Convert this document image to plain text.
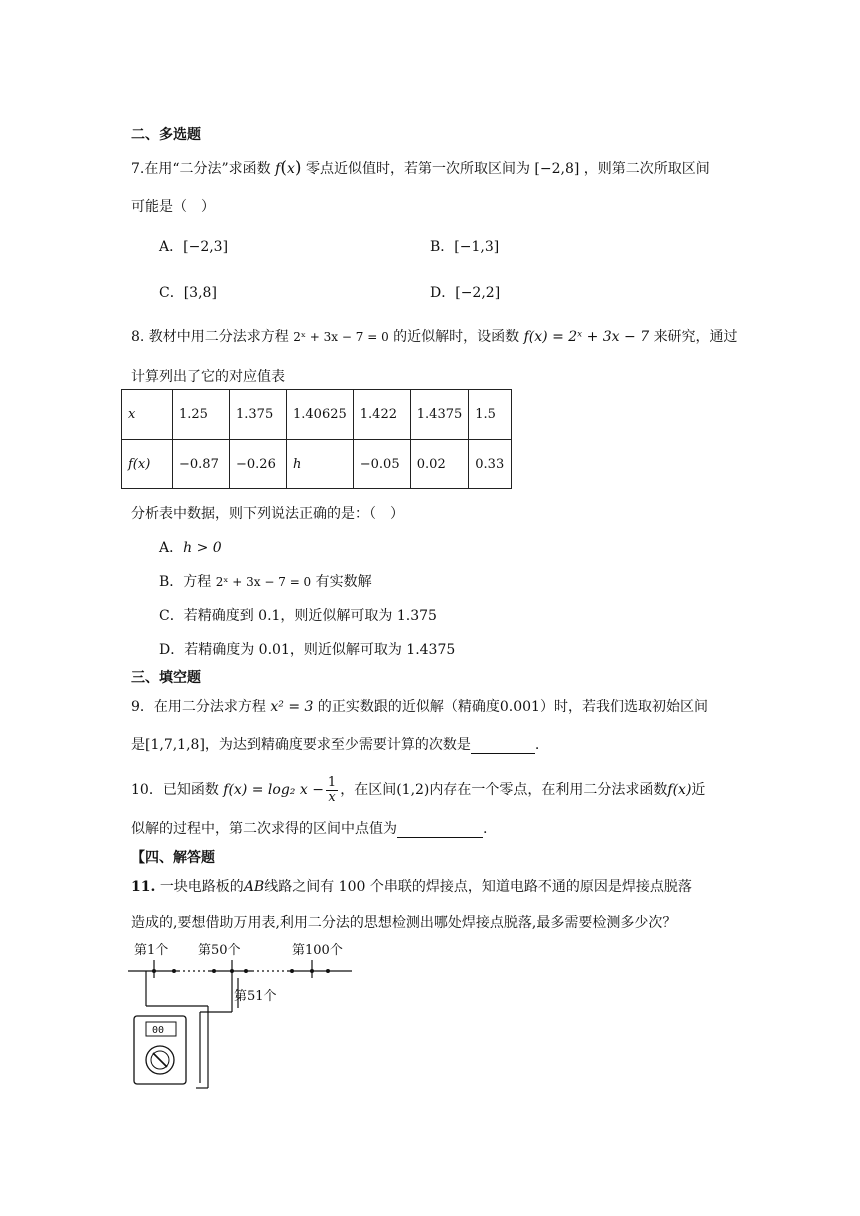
二、多选题
7.在用“二分法”求函数 f(x) 零点近似值时，若第一次所取区间为 [−2,8] ，则第二次所取区间
可能是（　）
A．[−2,3]	B．[−1,3]
C．[3,8]	D．[−2,2]
8. 教材中用二分法求方程 2ˣ + 3x − 7 = 0 的近似解时，设函数 f(x) = 2ˣ + 3x − 7 来研究，通过
计算列出了它的对应值表
x	1.25	1.375	1.40625	1.422	1.4375	1.5
f(x)	−0.87	−0.26	h	−0.05	0.02	0.33
分析表中数据，则下列说法正确的是：（　）
A．h > 0
B．方程 2ˣ + 3x − 7 = 0 有实数解
C．若精确度到 0.1，则近似解可取为 1.375
D．若精确度为 0.01，则近似解可取为 1.4375
三、填空题
9．在用二分法求方程 x² = 3 的正实数跟的近似解（精确度0.001）时，若我们选取初始区间
是[1,7,1,8]，为达到精确度要求至少需要计算的次数是	.
10．已知函数 f(x) = log₂ $x - \frac{1}{x}$ ，在区间(1,2)内存在一个零点，在利用二分法求函数f(x)近
似解的过程中，第二次求得的区间中点值为	.
【四、解答题
11. 一块电路板的AB线路之间有 100 个串联的焊接点，知道电路不通的原因是焊接点脱落
造成的,要想借助万用表,利用二分法的思想检测出哪处焊接点脱落,最多需要检测多少次？
第1个 第50个	第100个
第51个
00
